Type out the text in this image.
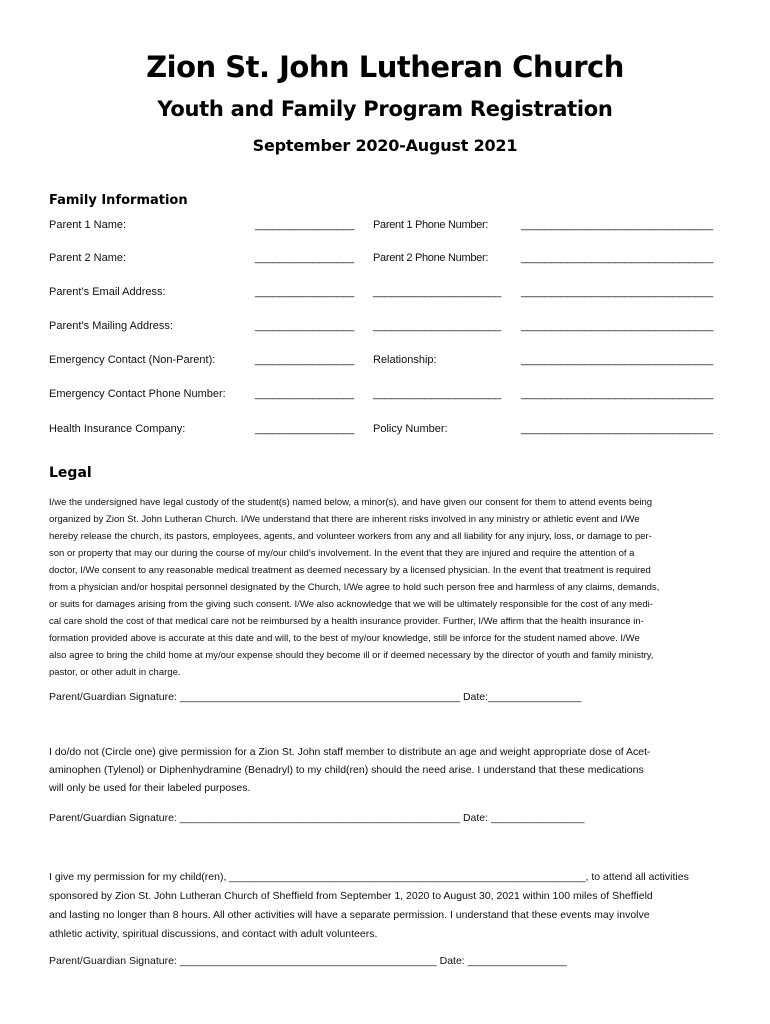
Zion St. John Lutheran Church
Youth and Family Program Registration
September 2020-August 2021
Family Information
Parent 1 Name:	_________________ Parent 1 Phone Number:	_________________________________
Parent 2 Name:	_________________ Parent 2 Phone Number:	_________________________________
Parent’s Email Address:	_________________ ______________________ _________________________________
Parent’s Mailing Address:	_________________ ______________________ _________________________________
Emergency Contact (Non-Parent):	_________________ Relationship:	_________________________________
Emergency Contact Phone Number:	_________________ ______________________ _________________________________
Health Insurance Company:	_________________ Policy Number:	_________________________________
Legal
I/we the undersigned have legal custody of the student(s) named below, a minor(s), and have given our consent for them to attend events being
organized by Zion St. John Lutheran Church. I/We understand that there are inherent risks involved in any ministry or athletic event and I/We
hereby release the church, its pastors, employees, agents, and volunteer workers from any and all liability for any injury, loss, or damage to per-
son or property that may our during the course of my/our child’s involvement. In the event that they are injured and require the attention of a
doctor, I/We consent to any reasonable medical treatment as deemed necessary by a licensed physician. In the event that treatment is required
from a physician and/or hospital personnel designated by the Church, I/We agree to hold such person free and harmless of any claims, demands,
or suits for damages arising from the giving such consent. I/We also acknowledge that we will be ultimately responsible for the cost of any medi-
cal care shold the cost of that medical care not be reimbursed by a health insurance provider. Further, I/We affirm that the health insurance in-
formation provided above is accurate at this date and will, to the best of my/our knowledge, still be inforce for the student named above. I/We
also agree to bring the child home at my/our expense should they become ill or if deemed necessary by the director of youth and family ministry,
pastor, or other adult in charge.
Parent/Guardian Signature: ________________________________________________ Date:________________
I do/do not (Circle one) give permission for a Zion St. John staff member to distribute an age and weight appropriate dose of Acet-
aminophen (Tylenol) or Diphenhydramine (Benadryl) to my child(ren) should the need arise. I understand that these medications
will only be used for their labeled purposes.
Parent/Guardian Signature: ________________________________________________ Date: ________________
I give my permission for my child(ren), _____________________________________________________________, to attend all activities
sponsored by Zion St. John Lutheran Church of Sheffield from September 1, 2020 to August 30, 2021 within 100 miles of Sheffield
and lasting no longer than 8 hours. All other activities will have a separate permission. I understand that these events may involve
athletic activity, spiritual discussions, and contact with adult volunteers.
Parent/Guardian Signature: ____________________________________________ Date: _________________
